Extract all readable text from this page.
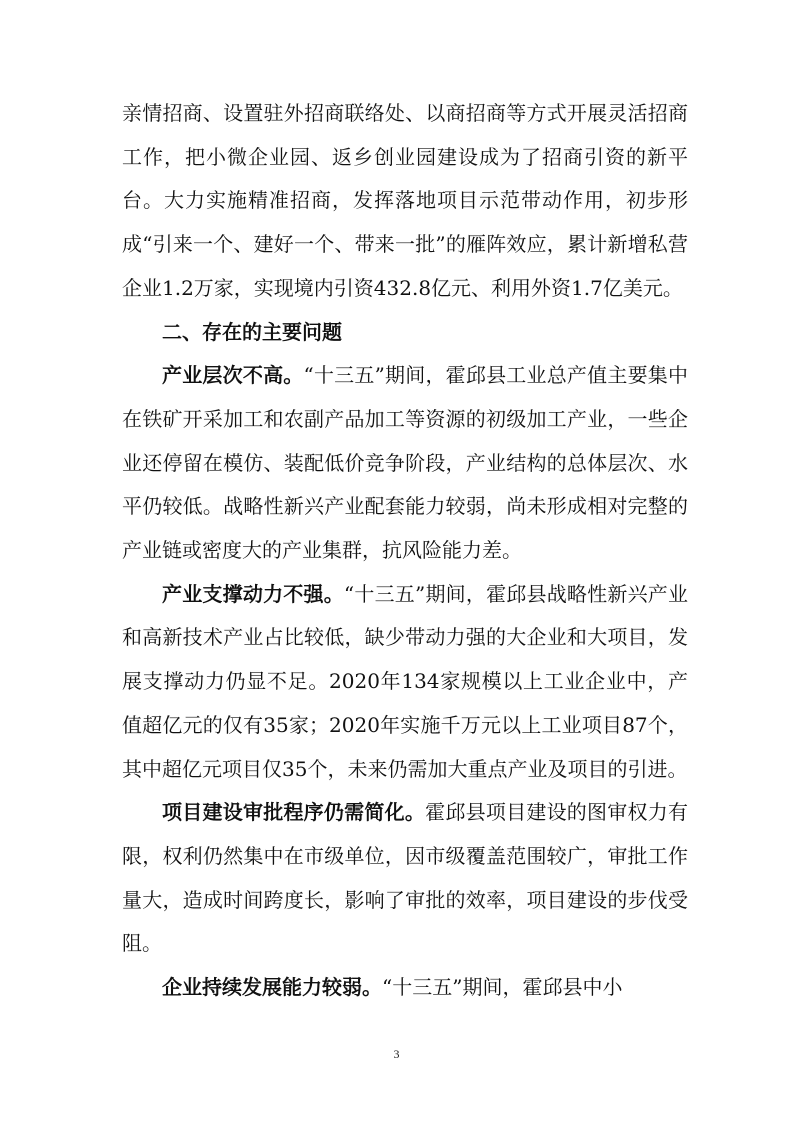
亲情招商、设置驻外招商联络处、以商招商等方式开展灵活招商工作，把小微企业园、返乡创业园建设成为了招商引资的新平台。大力实施精准招商，发挥落地项目示范带动作用，初步形成“引来一个、建好一个、带来一批”的雁阵效应，累计新增私营企业1.2万家，实现境内引资432.8亿元、利用外资1.7亿美元。

二、存在的主要问题

产业层次不高。“十三五”期间，霍邱县工业总产值主要集中在铁矿开采加工和农副产品加工等资源的初级加工产业，一些企业还停留在模仿、装配低价竞争阶段，产业结构的总体层次、水平仍较低。战略性新兴产业配套能力较弱，尚未形成相对完整的产业链或密度大的产业集群，抗风险能力差。

产业支撑动力不强。“十三五”期间，霍邱县战略性新兴产业和高新技术产业占比较低，缺少带动力强的大企业和大项目，发展支撑动力仍显不足。2020年134家规模以上工业企业中，产值超亿元的仅有35家；2020年实施千万元以上工业项目87个，其中超亿元项目仅35个，未来仍需加大重点产业及项目的引进。

项目建设审批程序仍需简化。霍邱县项目建设的图审权力有限，权利仍然集中在市级单位，因市级覆盖范围较广，审批工作量大，造成时间跨度长，影响了审批的效率，项目建设的步伐受阻。

企业持续发展能力较弱。“十三五”期间，霍邱县中小

3
